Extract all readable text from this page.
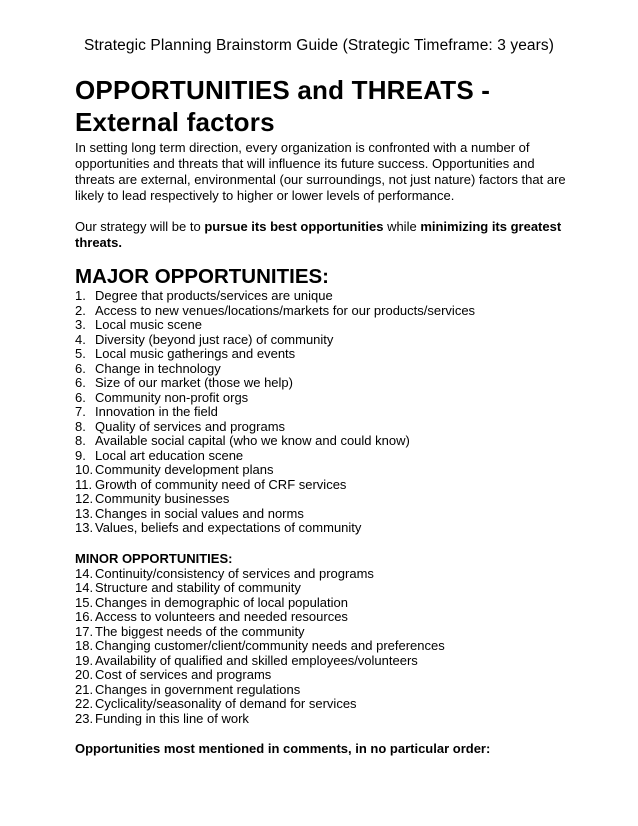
Strategic Planning Brainstorm Guide (Strategic Timeframe: 3 years)
OPPORTUNITIES and THREATS -
External factors

In setting long term direction, every organization is confronted with a number of opportunities and threats that will influence its future success. Opportunities and threats are external, environmental (our surroundings, not just nature) factors that are likely to lead respectively to higher or lower levels of performance.

Our strategy will be to pursue its best opportunities while minimizing its greatest threats.

MAJOR OPPORTUNITIES:
1. Degree that products/services are unique
2. Access to new venues/locations/markets for our products/services
3. Local music scene
4. Diversity (beyond just race) of community
5. Local music gatherings and events
6. Change in technology
6. Size of our market (those we help)
6. Community non-profit orgs
7. Innovation in the field
8. Quality of services and programs
8. Available social capital (who we know and could know)
9. Local art education scene
10. Community development plans
11. Growth of community need of CRF services
12. Community businesses
13. Changes in social values and norms
13. Values, beliefs and expectations of community
MINOR OPPORTUNITIES:
14. Continuity/consistency of services and programs
14. Structure and stability of community
15. Changes in demographic of local population
16. Access to volunteers and needed resources
17. The biggest needs of the community
18. Changing customer/client/community needs and preferences
19. Availability of qualified and skilled employees/volunteers
20. Cost of services and programs
21. Changes in government regulations
22. Cyclicality/seasonality of demand for services
23. Funding in this line of work

Opportunities most mentioned in comments, in no particular order:
